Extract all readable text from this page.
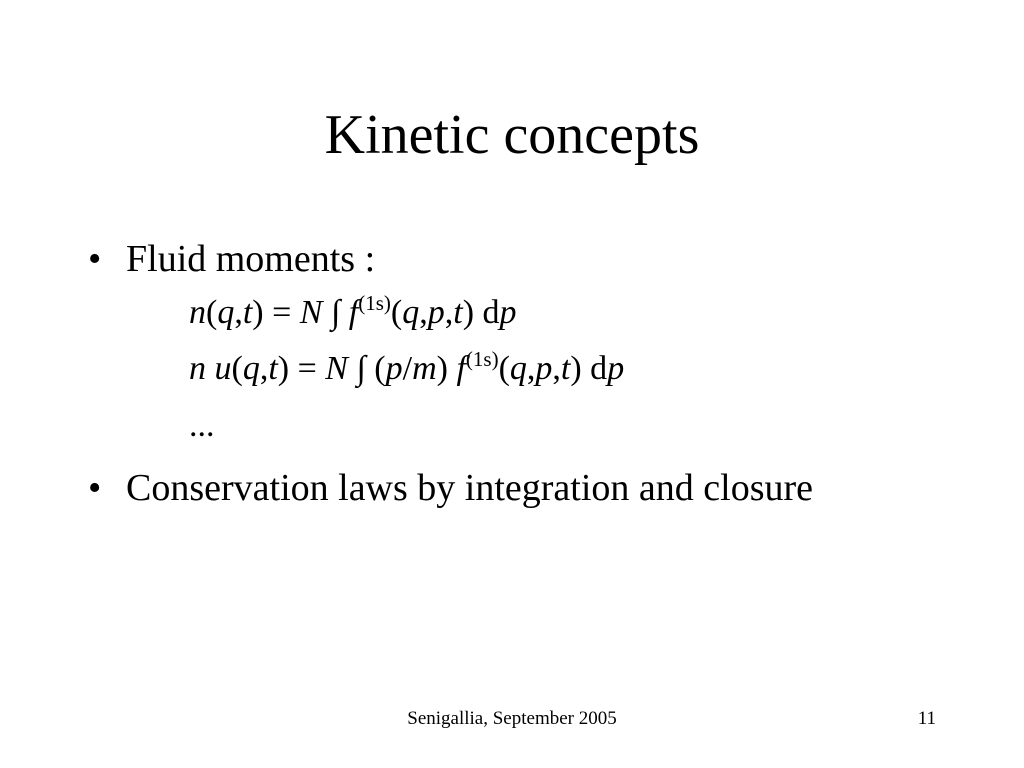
Kinetic concepts
• Fluid moments :
n(q,t) = N ∫ $f^{(1s)}(q,p,t)$ dp
n u(q,t) = N ∫ (p/m) $f^{(1s)}(q,p,t)$ dp
...
• Conservation laws by integration and closure
Senigallia, September 2005	11
